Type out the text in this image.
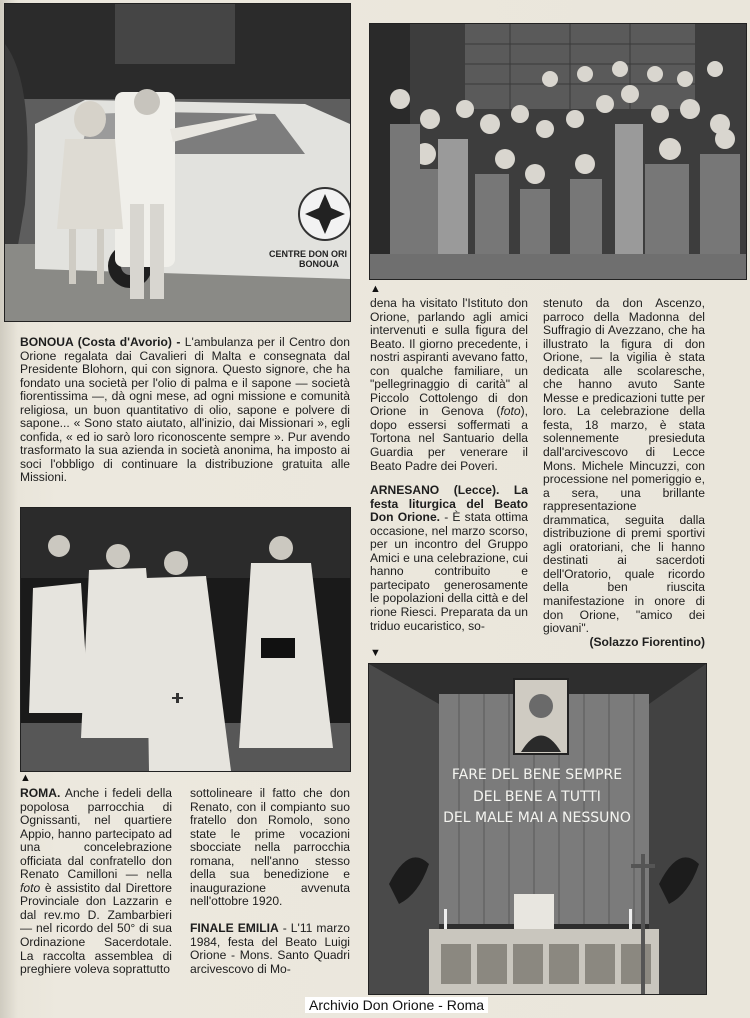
CENTRE DON ORI
BONOUA
BONOUA (Costa d'Avorio) - L'ambulanza per il Centro don Orione regalata dai Cavalieri di Malta e consegnata dal Presidente Blohorn, qui con signora. Questo signore, che ha fondato una società per l'olio di palma e il sapone — società fiorentissima —, dà ogni mese, ad ogni missione e comunità religiosa, un buon quantitativo di olio, sapone e polvere di sapone... « Sono stato aiutato, all'inizio, dai Missionari », egli confida, « ed io sarò loro riconoscente sempre ». Pur avendo trasformato la sua azienda in società anonima, ha imposto ai soci l'obbligo di continuare la distribuzione gratuita alle Missioni.
▲
ROMA. Anche i fedeli della popolosa parrocchia di Ognissanti, nel quartiere Appio, hanno partecipato ad una concelebrazione officiata dal confratello don Renato Camilloni — nella foto è assistito dal Direttore Provinciale don Lazzarin e dal rev.mo D. Zambarbieri — nel ricordo del 50° di sua Ordinazione Sacerdotale. La raccolta assemblea di preghiere voleva soprattutto
sottolineare il fatto che don Renato, con il compianto suo fratello don Romolo, sono state le prime vocazioni sbocciate nella parrocchia romana, nell'anno stesso della sua benedizione e inaugurazione avvenuta nell'ottobre 1920.
FINALE EMILIA - L'11 marzo 1984, festa del Beato Luigi Orione - Mons. Santo Quadri arcivescovo di Mo-
▲
dena ha visitato l'Istituto don Orione, parlando agli amici intervenuti e sulla figura del Beato. Il giorno precedente, i nostri aspiranti avevano fatto, con qualche familiare, un "pellegrinaggio di carità" al Piccolo Cottolengo di don Orione in Genova (foto), dopo essersi soffermati a Tortona nel Santuario della Guardia per venerare il Beato Padre dei Poveri.
ARNESANO (Lecce). La festa liturgica del Beato Don Orione. - È stata ottima occasione, nel marzo scorso, per un incontro del Gruppo Amici e una celebrazione, cui hanno contribuito e partecipato generosamente le popolazioni della città e del rione Riesci. Preparata da un triduo eucaristico, so-
▼
stenuto da don Ascenzo, parroco della Madonna del Suffragio di Avezzano, che ha illustrato la figura di don Orione, — la vigilia è stata dedicata alle scolaresche, che hanno avuto Sante Messe e predicazioni tutte per loro. La celebrazione della festa, 18 marzo, è stata solennemente presieduta dall'arcivescovo di Lecce Mons. Michele Mincuzzi, con processione nel pomeriggio e, a sera, una brillante rappresentazione drammatica, seguita dalla distribuzione di premi sportivi agli oratoriani, che li hanno destinati ai sacerdoti dell'Oratorio, quale ricordo della ben riuscita manifestazione in onore di don Orione, "amico dei giovani".
(Solazzo Fiorentino)
FARE DEL BENE SEMPRE
DEL BENE A TUTTI
DEL MALE MAI A NESSUNO
Archivio Don Orione - Roma
